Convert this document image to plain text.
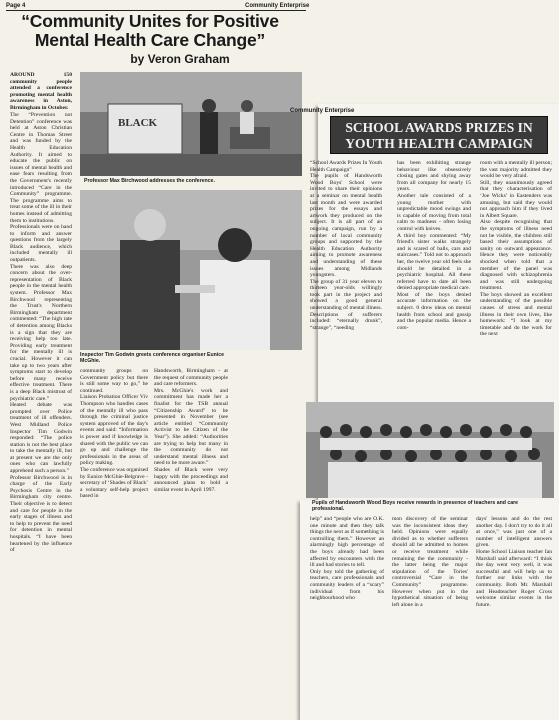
Page 4	Community Enterprise
“Community Unites for Positive Mental Health Care Change”
by Veron Graham
AROUND 150 community people attended a conference promoting mental health awareness in Aston, Birmingham in October.
The “Prevention not Detention” conference was held at Aston Christian Centre in Thomas Street and was funded by the Health Education Authority. It aimed to educate the public on issues of mental health and ease fears resulting from the Government's recently introduced “Care in the Community” programme. The programme aims to treat some of the ill in their homes instead of admitting them to institutions.
Professionals were on hand to inform and answer questions from the largely Black audience, which included mentally ill outpatients.
There was also deep concern about the over-representation of Black people in the mental health system. Professor Max Birchwood representing the Trust's Northern Birmingham department commented: “The high rate of detention among Blacks is a sign that they are receiving help too late. Providing early treatment for the mentally ill is crucial. However it can take up to two years after symptoms start to develop before many receive effective treatment. There is a deep Black mistrust of psychiatric care.”
Heated debate was prompted over Police treatment of ill offenders. West Midland Police Inspector Tim Godwin responded: “The police station is not the best place to take the mentally ill, but at present we are the only ones who can lawfully apprehend such a person.”
Professor Birchwood is in charge of the Early Psychosis Centre in the Birmingham city centre. Their objective is to detect and care for people in the early stages of illness and to help to prevent the need for detention in mental hospitals. “I have been heartened by the influence of
BLACK
Professor Max Birchwood addresses the conference.
Inspector Tim Godwin greets conference organiser Eunice McGhie.
community groups on Government policy but there is still some way to go,” he continued.
Liaison Probation Officer Viv Thompson who handles cases of the mentally ill who pass through the criminal justice system approved of the day's events and said: “Information is power and if knowledge is shared with the public we can go up and challenge the professionals in the areas of policy making.
The conference was organised by Eunice McGhie-Belgrave - secretary of ‘Shades of Black’ a voluntary self-help project based in
Handsworth, Birmingham - at the request of community people and care reformers.
Mrs. McGhie's work and commitment has made her a finalist for the TSB annual “Citizenship Award” to be presented in November (see article entitled “Community Activist to be Citizen of the Year”). She added: “Authorities are trying to help but many in the community do not understand mental illness and need to be more aware.”
Shades of Black were very happy with the proceedings and announced plans to hold a similar event in April 1997.
Community Enterprise
SCHOOL AWARDS PRIZES IN YOUTH HEALTH CAMPAIGN
“School Awards Prizes In Youth Health Campaign”
The pupils of Handsworth Wood Boys' School were invited to share their opinions at a seminar on mental health last month and were awarded prizes for the essays and artwork they produced on the subject. It is all part of an ongoing campaign, run by a number of local community groups and supported by the Health Education Authority aiming to promote awareness and understanding of these issues among Midlands youngsters.
The group of 31 year eleven to thirteen year-olds willingly took part in the project and showed a good general understanding of mental illness. Descriptions of sufferers included: “eternally drunk”, “strange”, “needing
has been exhibiting strange behaviour like obsessively closing gates and shying away from all company for nearly 15 years.
Another tale consisted of a young mother with unpredictable mood swings and is capable of moving from total calm to madness - often losing control with knives.
A third boy commented: “My friend's sister walks strangely and is scared of balls, cars and staircases.” Told not to approach her, the twelve year old feels she should be detailed in a psychiatric hospital. All these referred have to date all been denied appropriate medical care.
Most of the boys denied accurate information on the subject. 0 drew ideas on mental health from school and gossip and the popular media. Hence a com-
room with a mentally ill person; the vast majority admitted they would be very afraid.
Still, they unanimously agreed that they characterisation of ‘Joe Wicks’ in Eastenders was amusing, but said they would not approach him if they lived in Albert Square.
Also despite recognising that the symptoms of illness need not be visible, the children still based their assumptions of sanity on outward appearance. Hence they were noticeably shocked when told that a member of the panel was diagnosed with schizophrenia and was still undergoing treatment.
The boys showed an excellent understanding of the possible causes of stress and mental illness in their own lives, like homework: “I look at my timetable and do the work for the next
Pupils of Handsworth Wood Boys receive rewards in presence of teachers and care professional.
help” and “people who are O.K. one minute and then they talk things the next as if something is controlling them.” However an alarmingly high percentage of the boys already had been affected by encounters with the ill and had stories to tell.
Only boy told the gathering of teachers, care professionals and community leaders of a “scary” individual from his neighbourhood who
mon discovery of the seminar was the inconsistent ideas they held. Opinions were equally divided as to whether sufferers should all be admitted to homes or receive treatment while remaining the the community - the latter being the major stipulation of the Tories' controversial “Care in the Community” programme. However when put in the hypothetical situation of being left alone in a
days' lessons and do the rest another day. I don't try to do it all at once,” was just one of a number of intelligent answers given.
Home School Liaison teacher Ian Marshall said afterward: “I think the day went very well, it was successful and will help us to further our links with the community. Both Mr. Marshall and Headteacher Roger Cross welcome similar events in the future.
